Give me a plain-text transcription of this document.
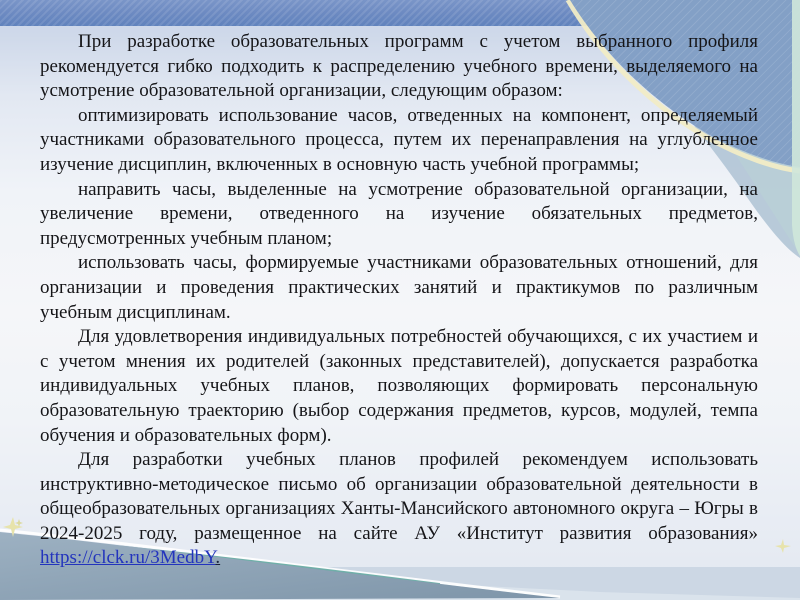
При разработке образовательных программ с учетом выбранного профиля рекомендуется гибко подходить к распределению учебного времени, выделяемого на усмотрение образовательной организации, следующим образом:

оптимизировать использование часов, отведенных на компонент, определяемый участниками образовательного процесса, путем их перенаправления на углубленное изучение дисциплин, включенных в основную часть учебной программы;

направить часы, выделенные на усмотрение образовательной организации, на увеличение времени, отведенного на изучение обязательных предметов, предусмотренных учебным планом;

использовать часы, формируемые участниками образовательных отношений, для организации и проведения практических занятий и практикумов по различным учебным дисциплинам.

Для удовлетворения индивидуальных потребностей обучающихся, с их участием и с учетом мнения их родителей (законных представителей), допускается разработка индивидуальных учебных планов, позволяющих формировать персональную образовательную траекторию (выбор содержания предметов, курсов, модулей, темпа обучения и образовательных форм).

Для разработки учебных планов профилей рекомендуем использовать инструктивно-методическое письмо об организации образовательной деятельности в общеобразовательных организациях Ханты-Мансийского автономного округа – Югры в 2024-2025 году, размещенное на сайте АУ «Институт развития образования» https://clck.ru/3MedbY.
